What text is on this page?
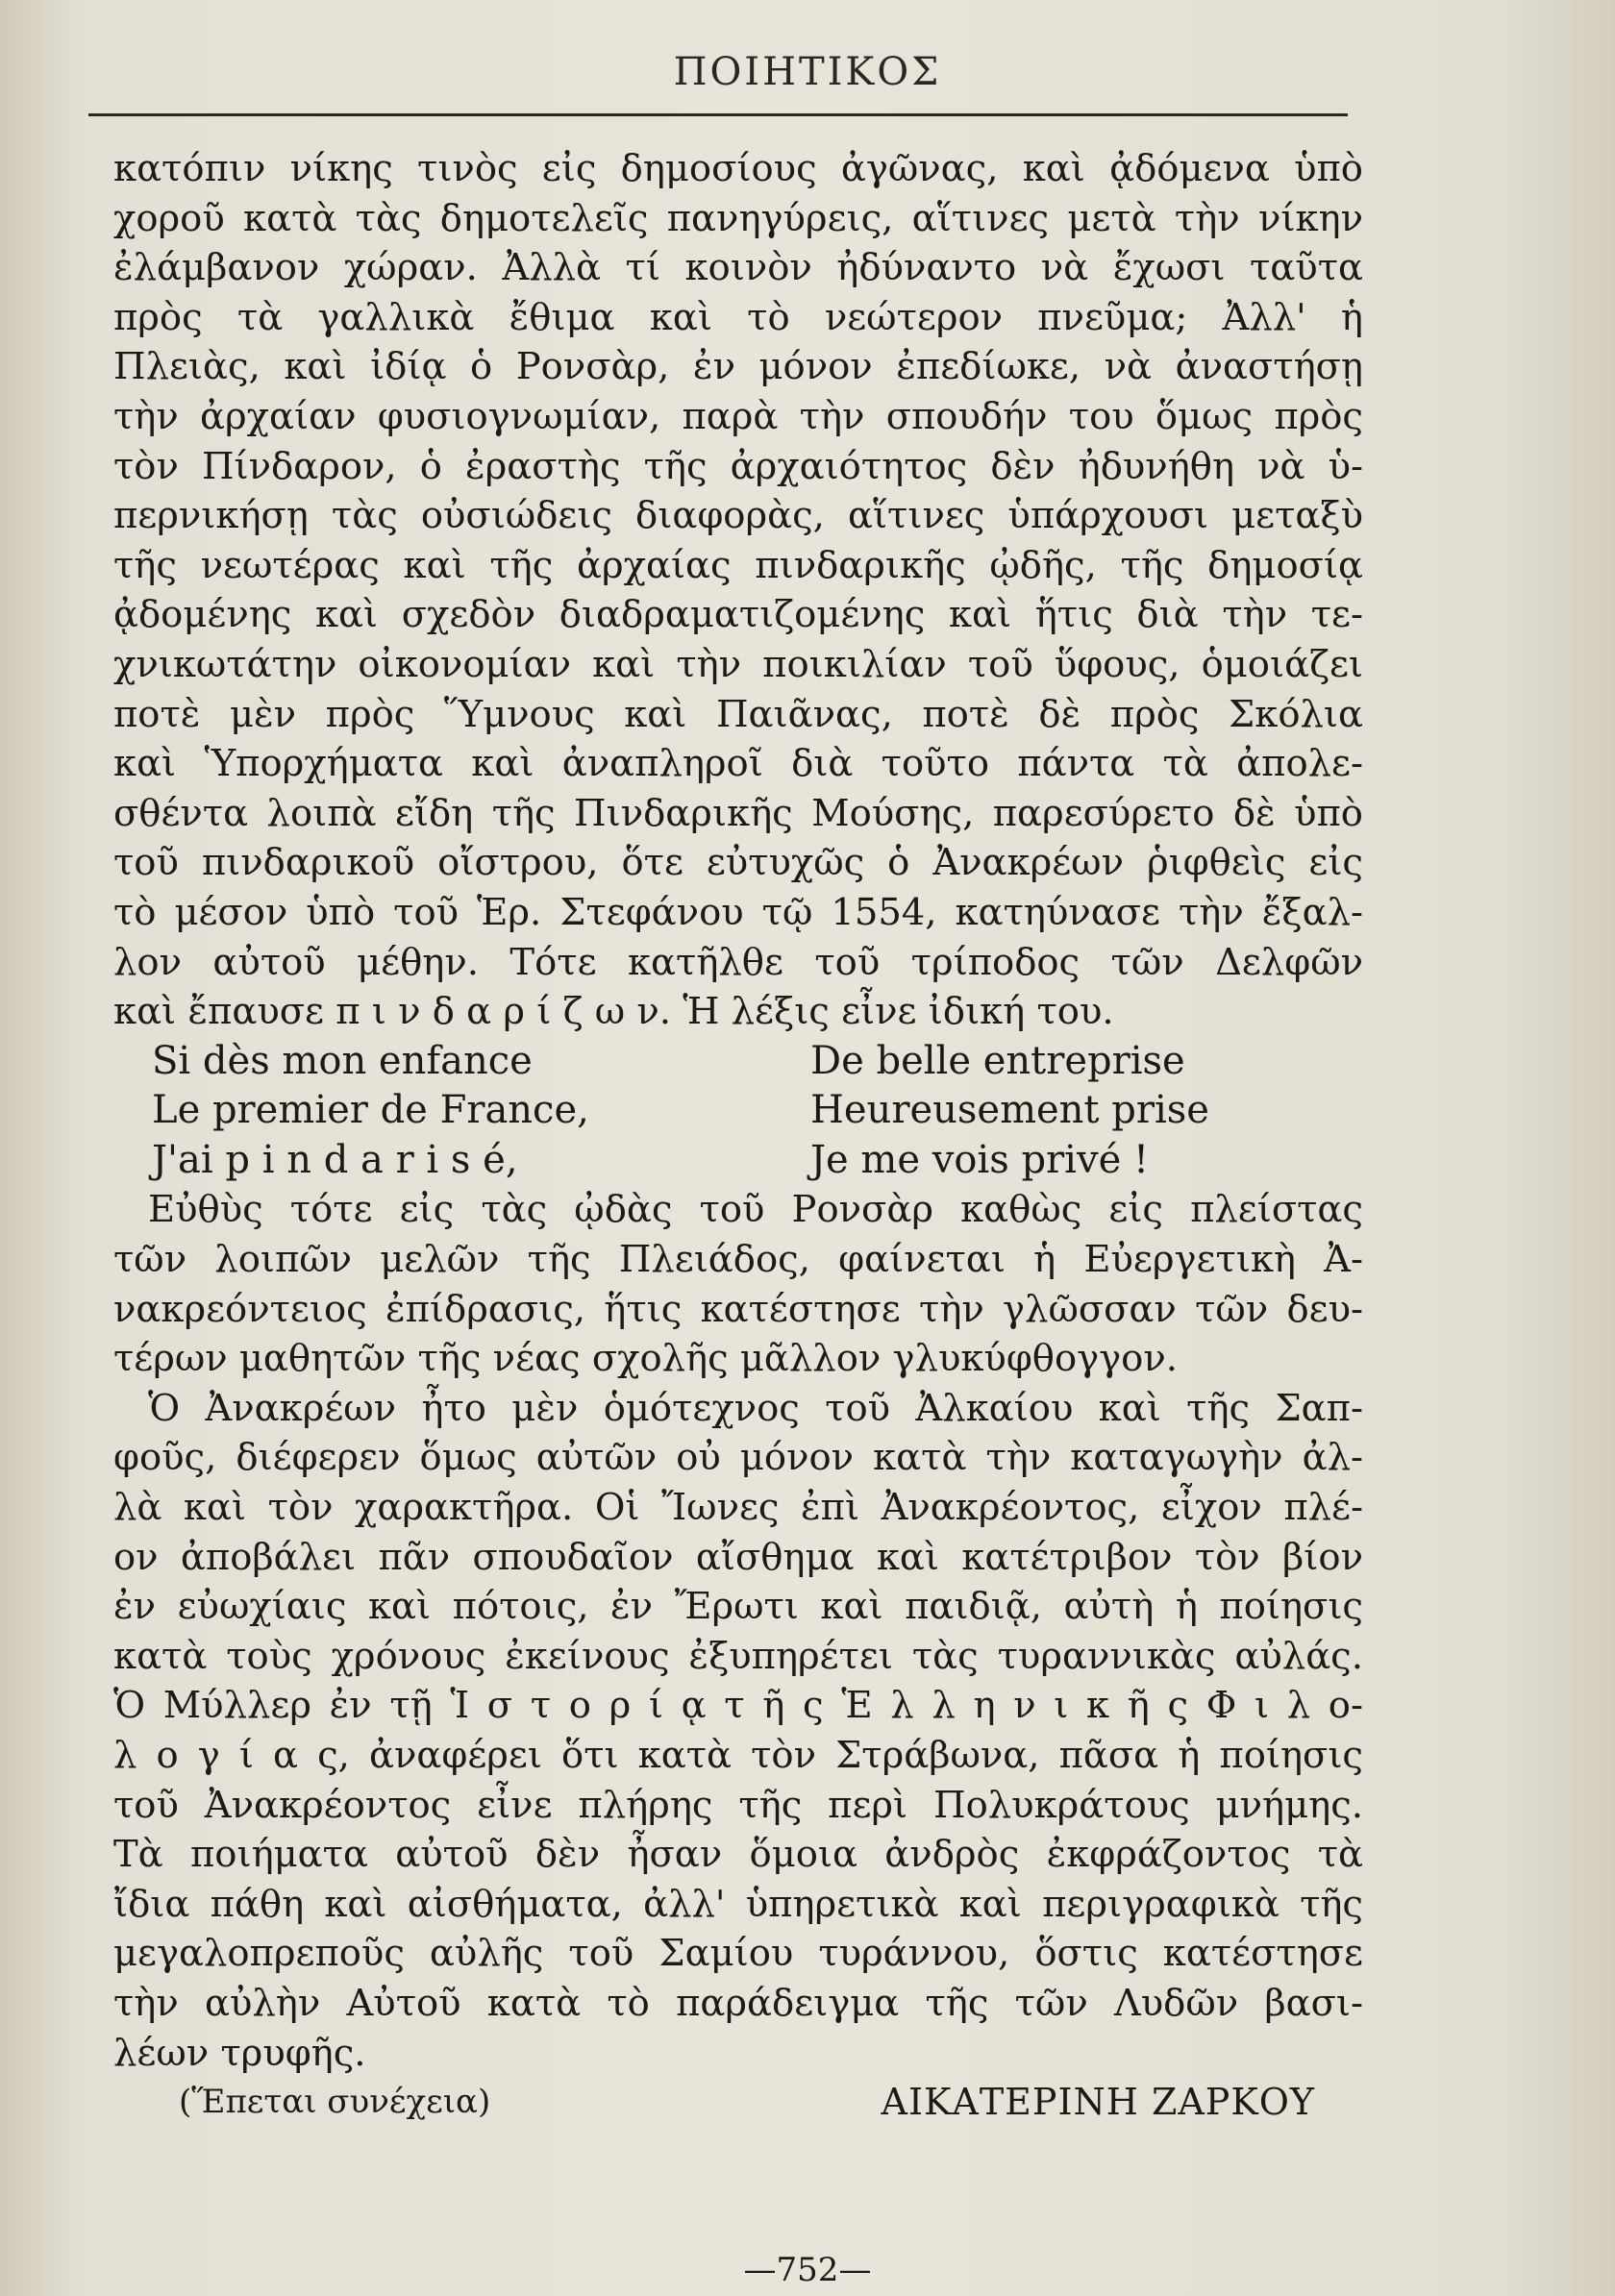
ΠΟΙΗΤΙΚΟΣ
κατόπιν νίκης τινὸς εἰς δημοσίους ἀγῶνας, καὶ ᾀδόμενα ὑπὸ
χοροῦ κατὰ τὰς δημοτελεῖς πανηγύρεις, αἵτινες μετὰ τὴν νίκην
ἐλάμβανον χώραν. Ἀλλὰ τί κοινὸν ἠδύναντο νὰ ἔχωσι ταῦτα
πρὸς τὰ γαλλικὰ ἔθιμα καὶ τὸ νεώτερον πνεῦμα; Ἀλλ' ἡ
Πλειὰς, καὶ ἰδίᾳ ὁ Ρονσὰρ, ἐν μόνον ἐπεδίωκε, νὰ ἀναστήσῃ
τὴν ἀρχαίαν φυσιογνωμίαν, παρὰ τὴν σπουδήν του ὅμως πρὸς
τὸν Πίνδαρον, ὁ ἐραστὴς τῆς ἀρχαιότητος δὲν ἠδυνήθη νὰ ὑ-
περνικήσῃ τὰς οὐσιώδεις διαφορὰς, αἵτινες ὑπάρχουσι μεταξὺ
τῆς νεωτέρας καὶ τῆς ἀρχαίας πινδαρικῆς ᾠδῆς, τῆς δημοσίᾳ
ᾀδομένης καὶ σχεδὸν διαδραματιζομένης καὶ ἥτις διὰ τὴν τε-
χνικωτάτην οἰκονομίαν καὶ τὴν ποικιλίαν τοῦ ὕφους, ὁμοιάζει
ποτὲ μὲν πρὸς Ὕμνους καὶ Παιᾶνας, ποτὲ δὲ πρὸς Σκόλια
καὶ Ὑπορχήματα καὶ ἀναπληροῖ διὰ τοῦτο πάντα τὰ ἀπολε-
σθέντα λοιπὰ εἴδη τῆς Πινδαρικῆς Μούσης, παρεσύρετο δὲ ὑπὸ
τοῦ πινδαρικοῦ οἴστρου, ὅτε εὐτυχῶς ὁ Ἀνακρέων ῥιφθεὶς εἰς
τὸ μέσον ὑπὸ τοῦ Ἑρ. Στεφάνου τῷ 1554, κατηύνασε τὴν ἔξαλ-
λον αὐτοῦ μέθην. Τότε κατῆλθε τοῦ τρίποδος τῶν Δελφῶν
καὶ ἔπαυσε π ι ν δ α ρ ί ζ ω ν. Ἡ λέξις εἶνε ἰδική του.
Si dès mon enfance	De belle entreprise
Le premier de France,	Heureusement prise
J'ai p i n d a r i s é,	Je me vois privé !
Εὐθὺς τότε εἰς τὰς ᾠδὰς τοῦ Ρονσὰρ καθὼς εἰς πλείστας
τῶν λοιπῶν μελῶν τῆς Πλειάδος, φαίνεται ἡ Εὐεργετικὴ Ἀ-
νακρεόντειος ἐπίδρασις, ἥτις κατέστησε τὴν γλῶσσαν τῶν δευ-
τέρων μαθητῶν τῆς νέας σχολῆς μᾶλλον γλυκύφθογγον.
Ὁ Ἀνακρέων ἦτο μὲν ὁμότεχνος τοῦ Ἀλκαίου καὶ τῆς Σαπ-
φοῦς, διέφερεν ὅμως αὐτῶν οὐ μόνον κατὰ τὴν καταγωγὴν ἀλ-
λὰ καὶ τὸν χαρακτῆρα. Οἱ Ἴωνες ἐπὶ Ἀνακρέοντος, εἶχον πλέ-
ον ἀποβάλει πᾶν σπουδαῖον αἴσθημα καὶ κατέτριβον τὸν βίον
ἐν εὐωχίαις καὶ πότοις, ἐν Ἔρωτι καὶ παιδιᾷ, αὐτὴ ἡ ποίησις
κατὰ τοὺς χρόνους ἐκείνους ἐξυπηρέτει τὰς τυραννικὰς αὐλάς.
Ὁ Μύλλερ ἐν τῇ Ἱ σ τ ο ρ ί ᾳ τ ῆ ς Ἑ λ λ η ν ι κ ῆ ς Φ ι λ ο-
λ ο γ ί α ς, ἀναφέρει ὅτι κατὰ τὸν Στράβωνα, πᾶσα ἡ ποίησις
τοῦ Ἀνακρέοντος εἶνε πλήρης τῆς περὶ Πολυκράτους μνήμης.
Τὰ ποιήματα αὐτοῦ δὲν ἦσαν ὅμοια ἀνδρὸς ἐκφράζοντος τὰ
ἴδια πάθη καὶ αἰσθήματα, ἀλλ' ὑπηρετικὰ καὶ περιγραφικὰ τῆς
μεγαλοπρεποῦς αὐλῆς τοῦ Σαμίου τυράννου, ὅστις κατέστησε
τὴν αὐλὴν Αὐτοῦ κατὰ τὸ παράδειγμα τῆς τῶν Λυδῶν βασι-
λέων τρυφῆς.
(Ἕπεται συνέχεια)	ΑΙΚΑΤΕΡΙΝΗ ΖΑΡΚΟΥ
—752—
